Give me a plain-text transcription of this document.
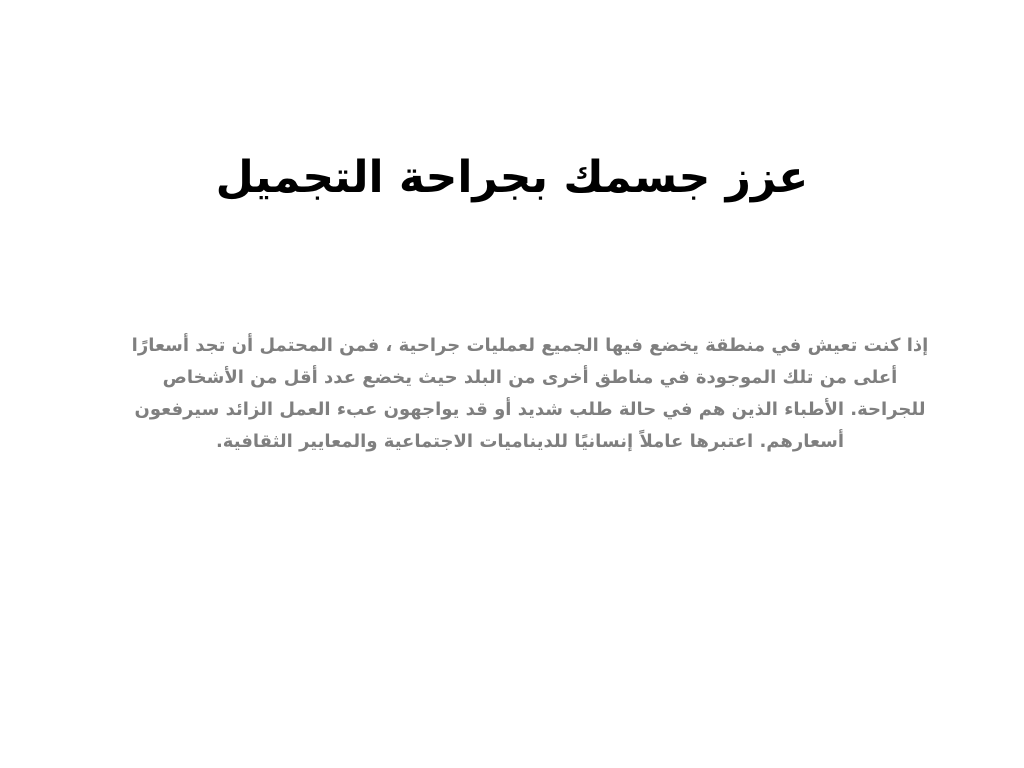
عزز جسمك بجراحة التجميل

إذا كنت تعيش في منطقة يخضع فيها الجميع لعمليات جراحية ، فمن المحتمل أن تجد أسعارًا أعلى من تلك الموجودة في مناطق أخرى من البلد حيث يخضع عدد أقل من الأشخاص للجراحة. الأطباء الذين هم في حالة طلب شديد أو قد يواجهون عبء العمل الزائد سيرفعون أسعارهم. اعتبرها عاملاً إنسانيًا للديناميات الاجتماعية والمعايير الثقافية.
